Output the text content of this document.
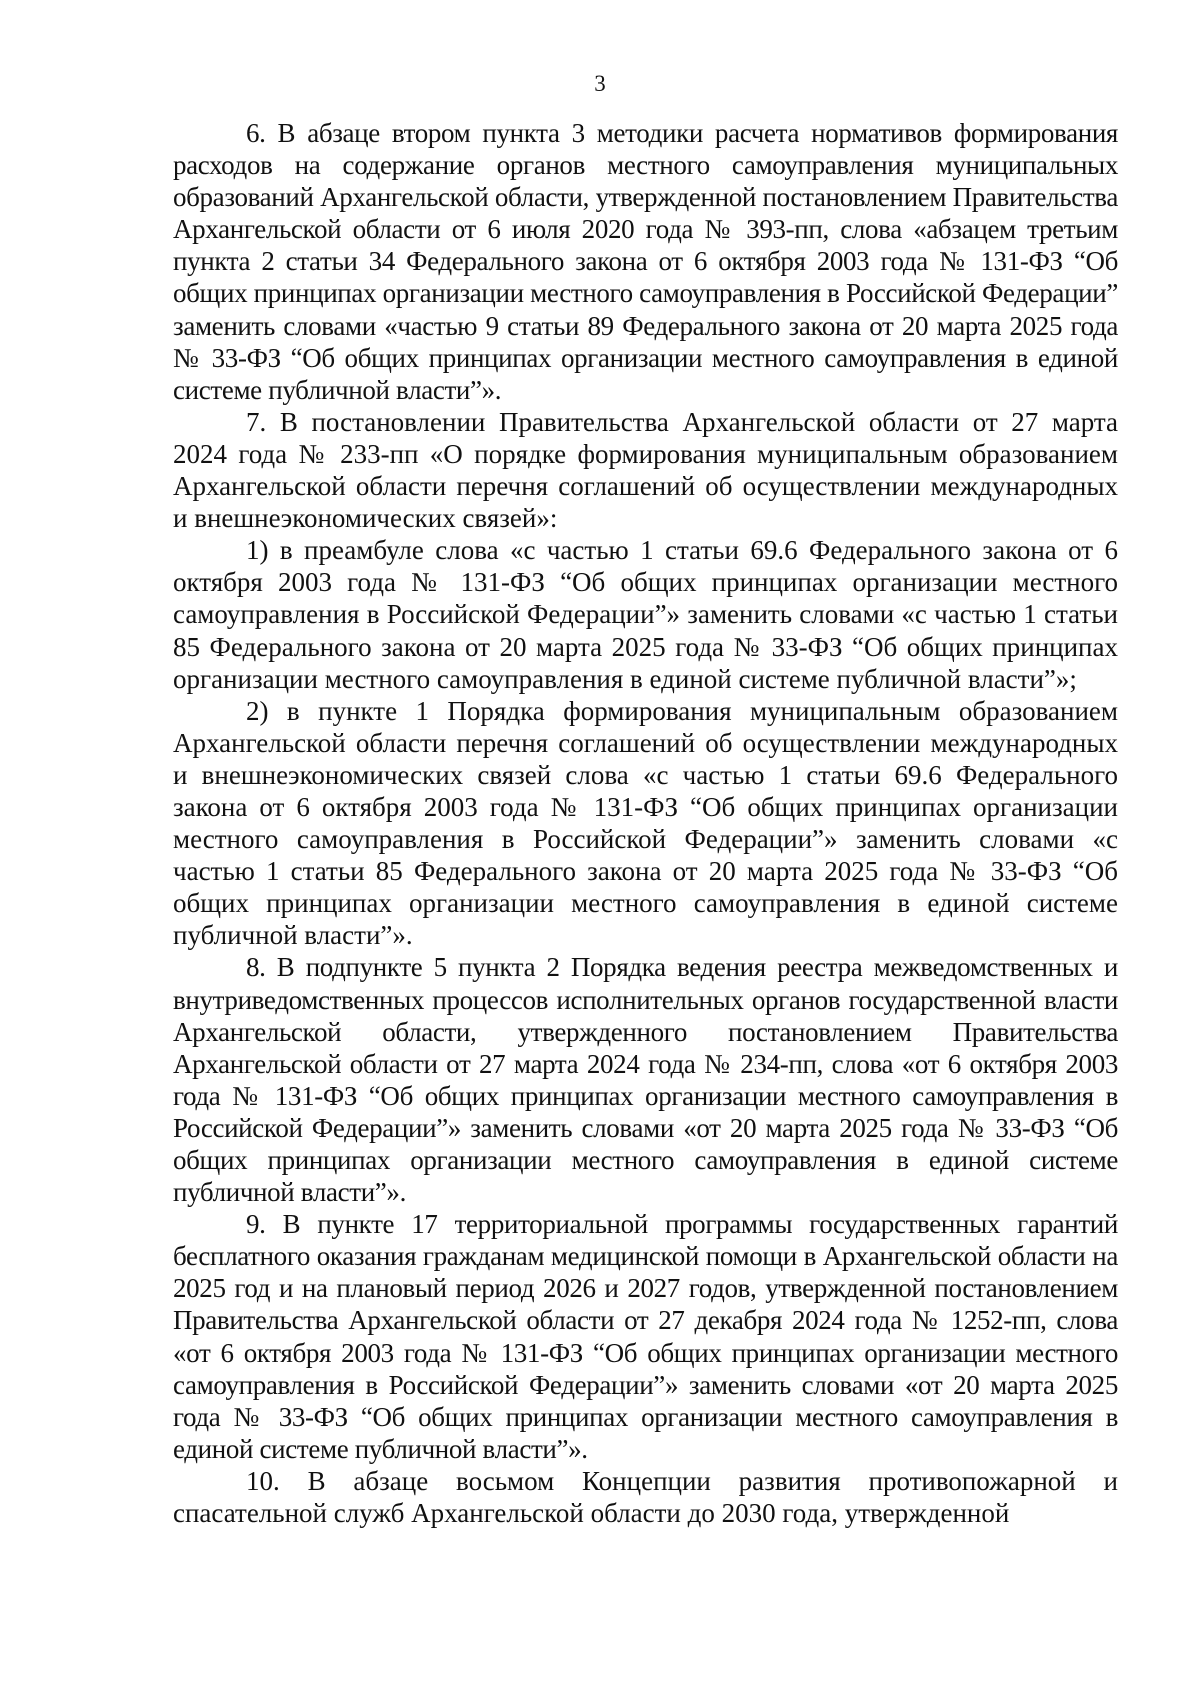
3

6. В абзаце втором пункта 3 методики расчета нормативов формирования расходов на содержание органов местного самоуправления муниципальных образований Архангельской области, утвержденной постановлением Правительства Архангельской области от 6 июля 2020 года № 393-пп, слова «абзацем третьим пункта 2 статьи 34 Федерального закона от 6 октября 2003 года № 131-ФЗ “Об общих принципах организации местного самоуправления в Российской Федерации” заменить словами «частью 9 статьи 89 Федерального закона от 20 марта 2025 года № 33-ФЗ “Об общих принципах организации местного самоуправления в единой системе публичной власти”».

7. В постановлении Правительства Архангельской области от 27 марта 2024 года № 233-пп «О порядке формирования муниципальным образованием Архангельской области перечня соглашений об осуществлении международных и внешнеэкономических связей»:

1) в преамбуле слова «с частью 1 статьи 69.6 Федерального закона от 6 октября 2003 года № 131-ФЗ “Об общих принципах организации местного самоуправления в Российской Федерации”» заменить словами «с частью 1 статьи 85 Федерального закона от 20 марта 2025 года № 33-ФЗ “Об общих принципах организации местного самоуправления в единой системе публичной власти”»;

2) в пункте 1 Порядка формирования муниципальным образованием Архангельской области перечня соглашений об осуществлении международных и внешнеэкономических связей слова «с частью 1 статьи 69.6 Федерального закона от 6 октября 2003 года № 131-ФЗ “Об общих принципах организации местного самоуправления в Российской Федерации”» заменить словами «с частью 1 статьи 85 Федерального закона от 20 марта 2025 года № 33-ФЗ “Об общих принципах организации местного самоуправления в единой системе публичной власти”».

8. В подпункте 5 пункта 2 Порядка ведения реестра межведомственных и внутриведомственных процессов исполнительных органов государственной власти Архангельской области, утвержденного постановлением Правительства Архангельской области от 27 марта 2024 года № 234-пп, слова «от 6 октября 2003 года № 131-ФЗ “Об общих принципах организации местного самоуправления в Российской Федерации”» заменить словами «от 20 марта 2025 года № 33-ФЗ “Об общих принципах организации местного самоуправления в единой системе публичной власти”».

9. В пункте 17 территориальной программы государственных гарантий бесплатного оказания гражданам медицинской помощи в Архангельской области на 2025 год и на плановый период 2026 и 2027 годов, утвержденной постановлением Правительства Архангельской области от 27 декабря 2024 года № 1252-пп, слова «от 6 октября 2003 года № 131-ФЗ “Об общих принципах организации местного самоуправления в Российской Федерации”» заменить словами «от 20 марта 2025 года № 33-ФЗ “Об общих принципах организации местного самоуправления в единой системе публичной власти”».

10. В абзаце восьмом Концепции развития противопожарной и спасательной служб Архангельской области до 2030 года, утвержденной
